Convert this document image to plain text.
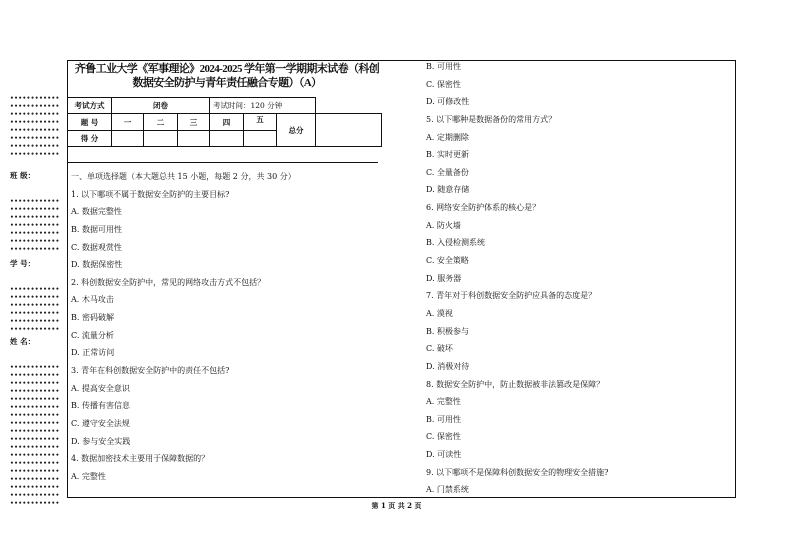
齐鲁工业大学《军事理论》2024-2025 学年第一学期期末试卷（科创
数据安全防护与青年责任融合专题）（A）
考试方式	闭卷			考试时间：120 分钟			
题 号	一	二	三	四	五	总分	
得 分							
一、单项选择题（本大题总共 15 小题，每题 2 分，共 30 分）
1. 以下哪项不属于数据安全防护的主要目标?
A. 数据完整性
B. 数据可用性
C. 数据观赏性
D. 数据保密性
2. 科创数据安全防护中，常见的网络攻击方式不包括？
A. 木马攻击
B. 密码破解
C. 流量分析
D. 正常访问
3. 青年在科创数据安全防护中的责任不包括?
A. 提高安全意识
B. 传播有害信息
C. 遵守安全法规
D. 参与安全实践
4. 数据加密技术主要用于保障数据的？
A. 完整性
B. 可用性
C. 保密性
D. 可修改性
5. 以下哪种是数据备份的常用方式？
A. 定期删除
B. 实时更新
C. 全量备份
D. 随意存储
6. 网络安全防护体系的核心是？
A. 防火墙
B. 入侵检测系统
C. 安全策略
D. 服务器
7. 青年对于科创数据安全防护应具备的态度是？
A. 漠视
B. 积极参与
C. 破坏
D. 消极对待
8. 数据安全防护中，防止数据被非法篡改是保障？
A. 完整性
B. 可用性
C. 保密性
D. 可读性
9. 以下哪项不是保障科创数据安全的物理安全措施?
A. 门禁系统
••••••••••••
••••••••••••
••••••••••••
••••••••••••
••••••••••••
••••••••••••
••••••••••••
••••••••••••
班 级：
••••••••••••
••••••••••••
••••••••••••
••••••••••••
••••••••••••
••••••••••••
••••••••••••
学 号：
••••••••••••
••••••••••••
••••••••••••
••••••••••••
••••••••••••
••••••••••••
姓 名：
••••••••••••
••••••••••••
••••••••••••
••••••••••••
••••••••••••
••••••••••••
••••••••••••
••••••••••••
••••••••••••
••••••••••••
••••••••••••
••••••••••••
••••••••••••
••••••••••••
••••••••••••
••••••••••••
••••••••••••
••••••••••••	第 1 页 共 2 页
